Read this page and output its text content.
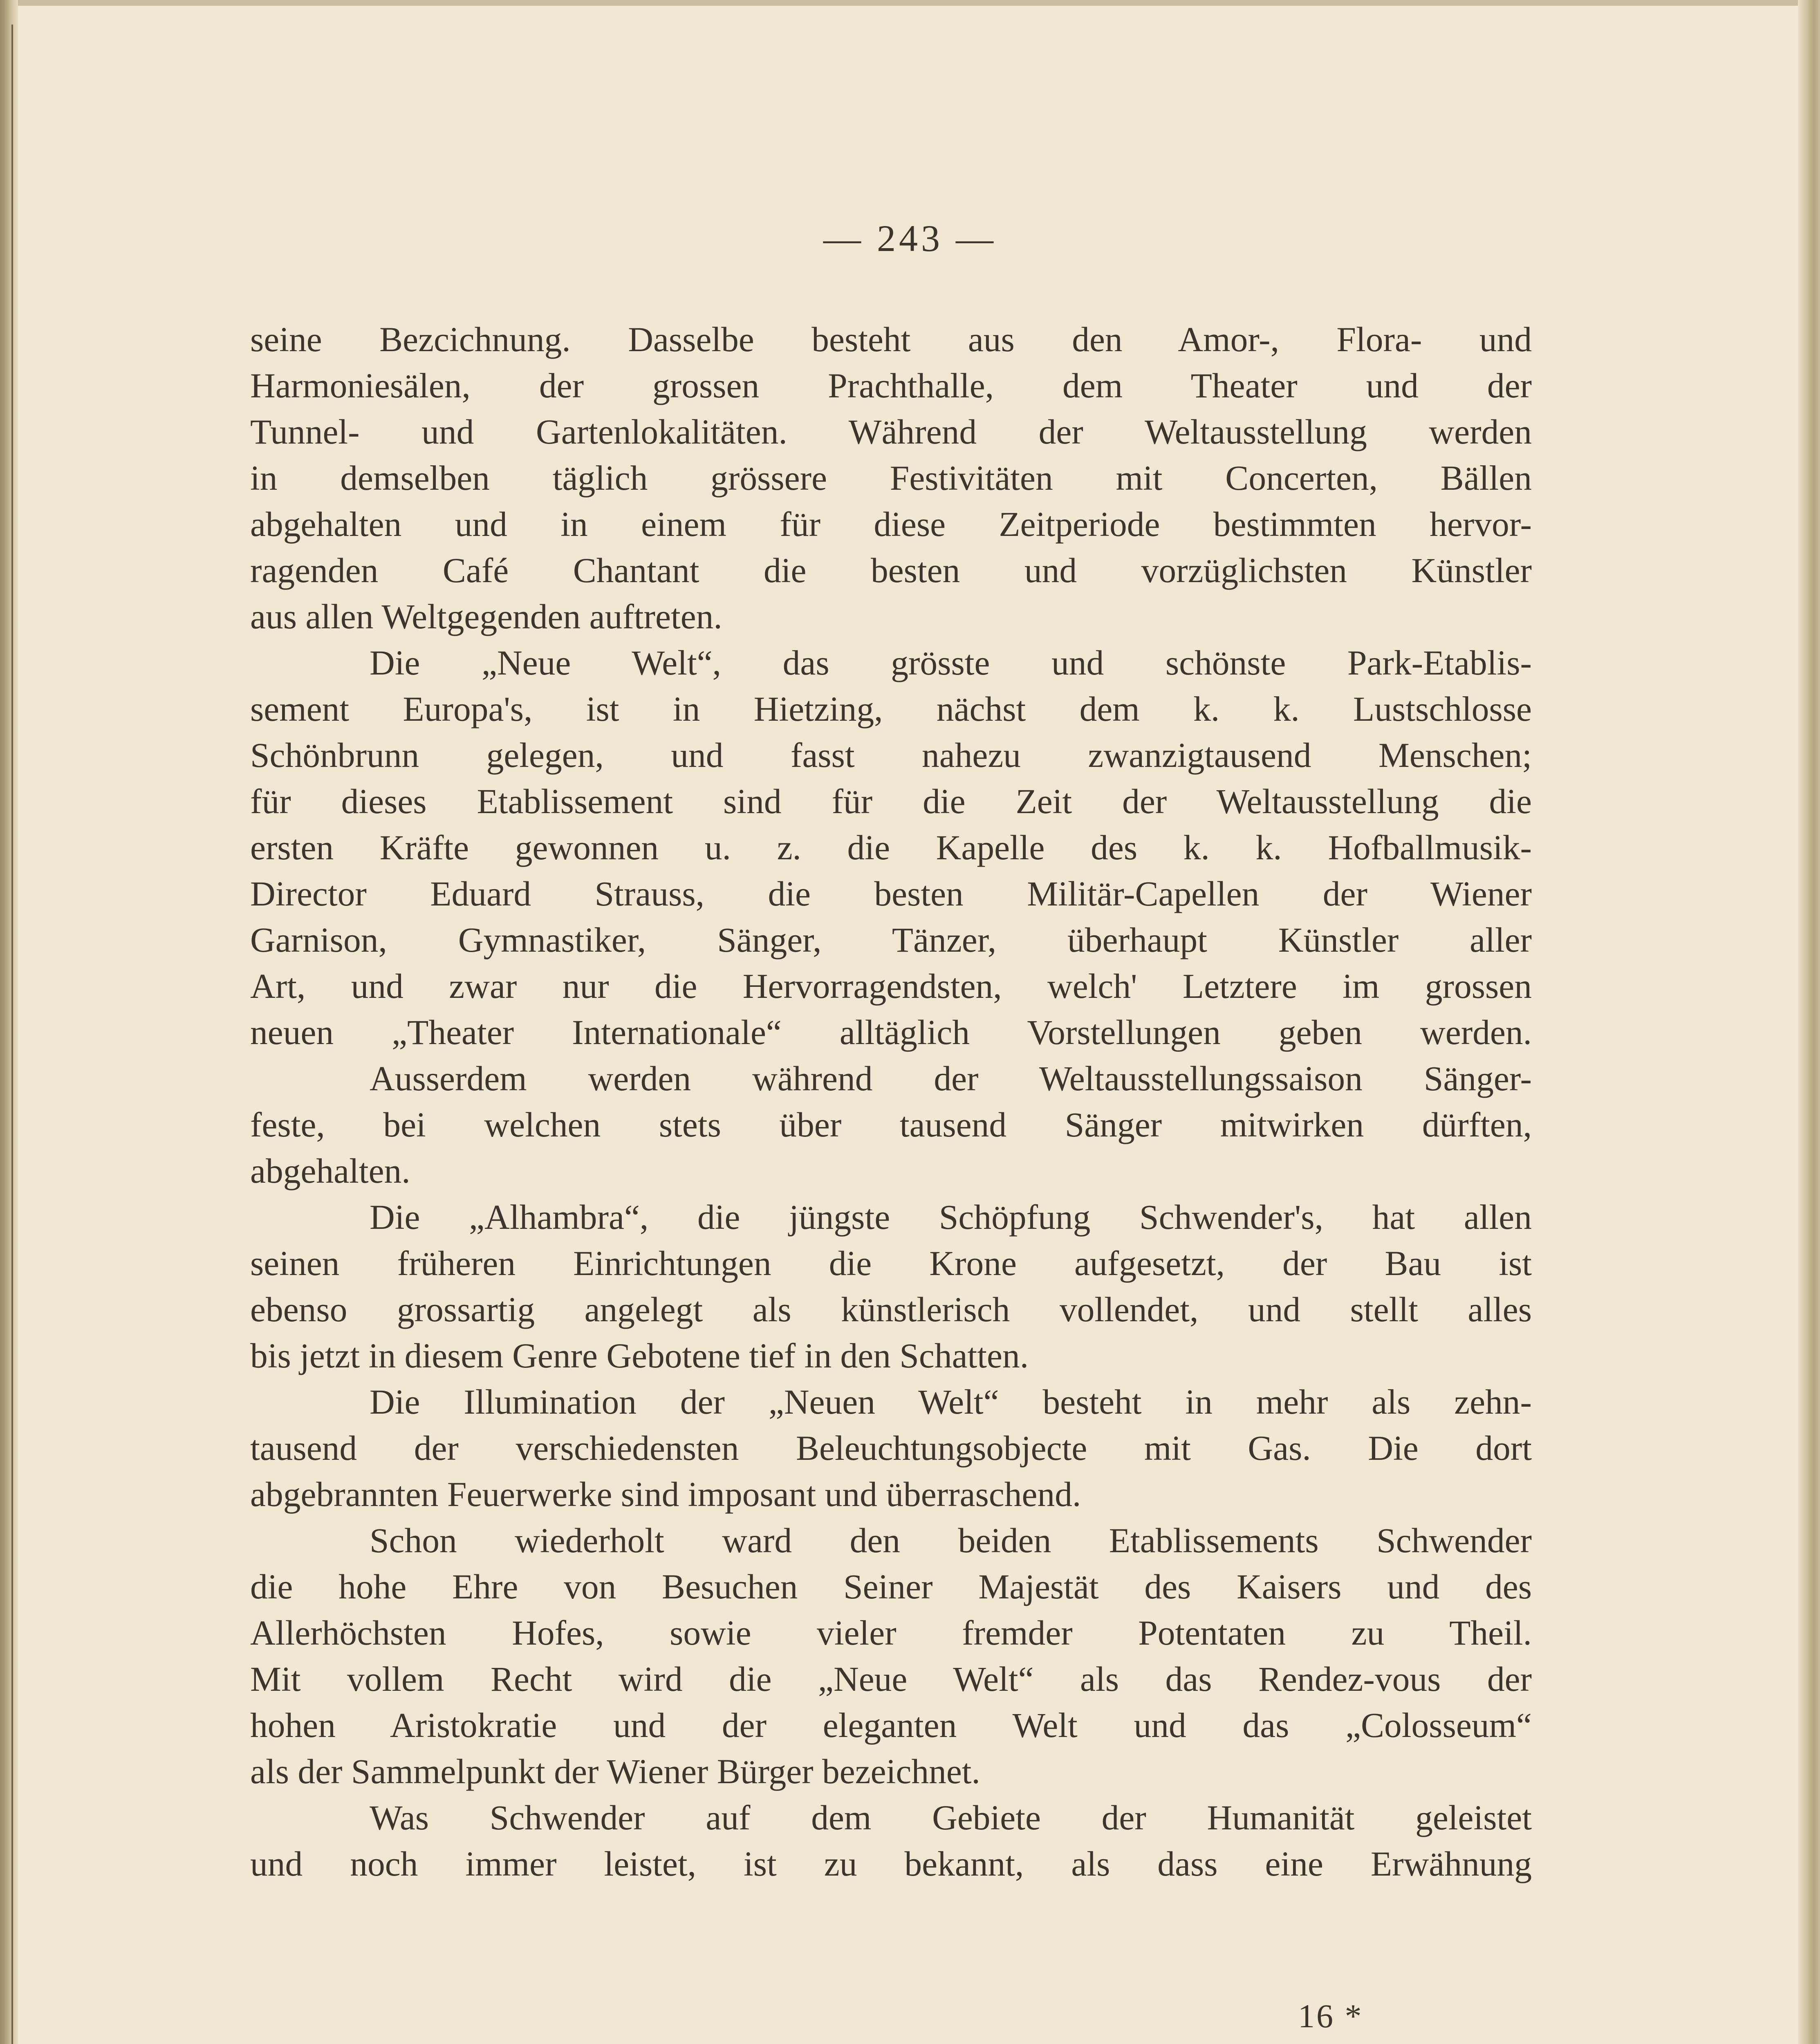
— 243 —
seine Bezcichnung. Dasselbe besteht aus den Amor-, Flora- und
Harmoniesälen, der grossen Prachthalle, dem Theater und der
Tunnel- und Gartenlokalitäten. Während der Weltausstellung werden
in demselben täglich grössere Festivitäten mit Concerten, Bällen
abgehalten und in einem für diese Zeitperiode bestimmten hervor-
ragenden Café Chantant die besten und vorzüglichsten Künstler
aus allen Weltgegenden auftreten.
Die „Neue Welt“, das grösste und schönste Park-Etablis-
sement Europa's, ist in Hietzing, nächst dem k. k. Lustschlosse
Schönbrunn gelegen, und fasst nahezu zwanzigtausend Menschen;
für dieses Etablissement sind für die Zeit der Weltausstellung die
ersten Kräfte gewonnen u. z. die Kapelle des k. k. Hofballmusik-
Director Eduard Strauss, die besten Militär-Capellen der Wiener
Garnison, Gymnastiker, Sänger, Tänzer, überhaupt Künstler aller
Art, und zwar nur die Hervorragendsten, welch' Letztere im grossen
neuen „Theater Internationale“ alltäglich Vorstellungen geben werden.
Ausserdem werden während der Weltausstellungssaison Sänger-
feste, bei welchen stets über tausend Sänger mitwirken dürften,
abgehalten.
Die „Alhambra“, die jüngste Schöpfung Schwender's, hat allen
seinen früheren Einrichtungen die Krone aufgesetzt, der Bau ist
ebenso grossartig angelegt als künstlerisch vollendet, und stellt alles
bis jetzt in diesem Genre Gebotene tief in den Schatten.
Die Illumination der „Neuen Welt“ besteht in mehr als zehn-
tausend der verschiedensten Beleuchtungsobjecte mit Gas. Die dort
abgebrannten Feuerwerke sind imposant und überraschend.
Schon wiederholt ward den beiden Etablissements Schwender
die hohe Ehre von Besuchen Seiner Majestät des Kaisers und des
Allerhöchsten Hofes, sowie vieler fremder Potentaten zu Theil.
Mit vollem Recht wird die „Neue Welt“ als das Rendez-vous der
hohen Aristokratie und der eleganten Welt und das „Colosseum“
als der Sammelpunkt der Wiener Bürger bezeichnet.
Was Schwender auf dem Gebiete der Humanität geleistet
und noch immer leistet, ist zu bekannt, als dass eine Erwähnung
16 *
